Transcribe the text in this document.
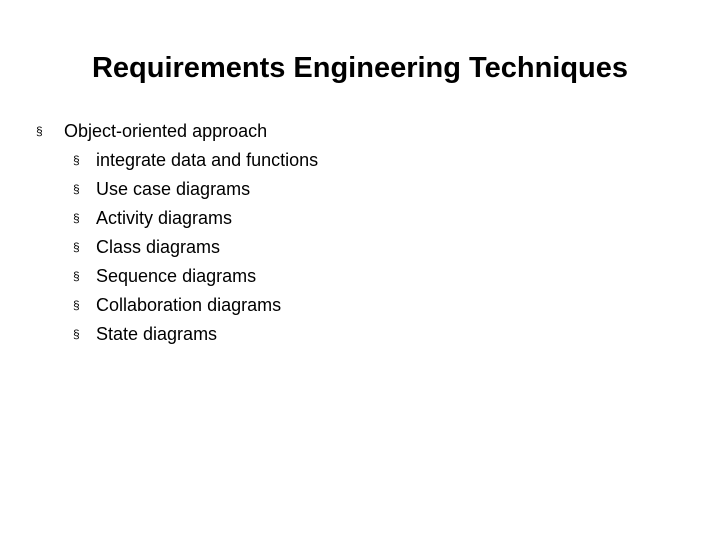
Requirements Engineering Techniques
§	Object-oriented approach
§ integrate data and functions
§ Use case diagrams
§ Activity diagrams
§ Class diagrams
§ Sequence diagrams
§ Collaboration diagrams
§ State diagrams
